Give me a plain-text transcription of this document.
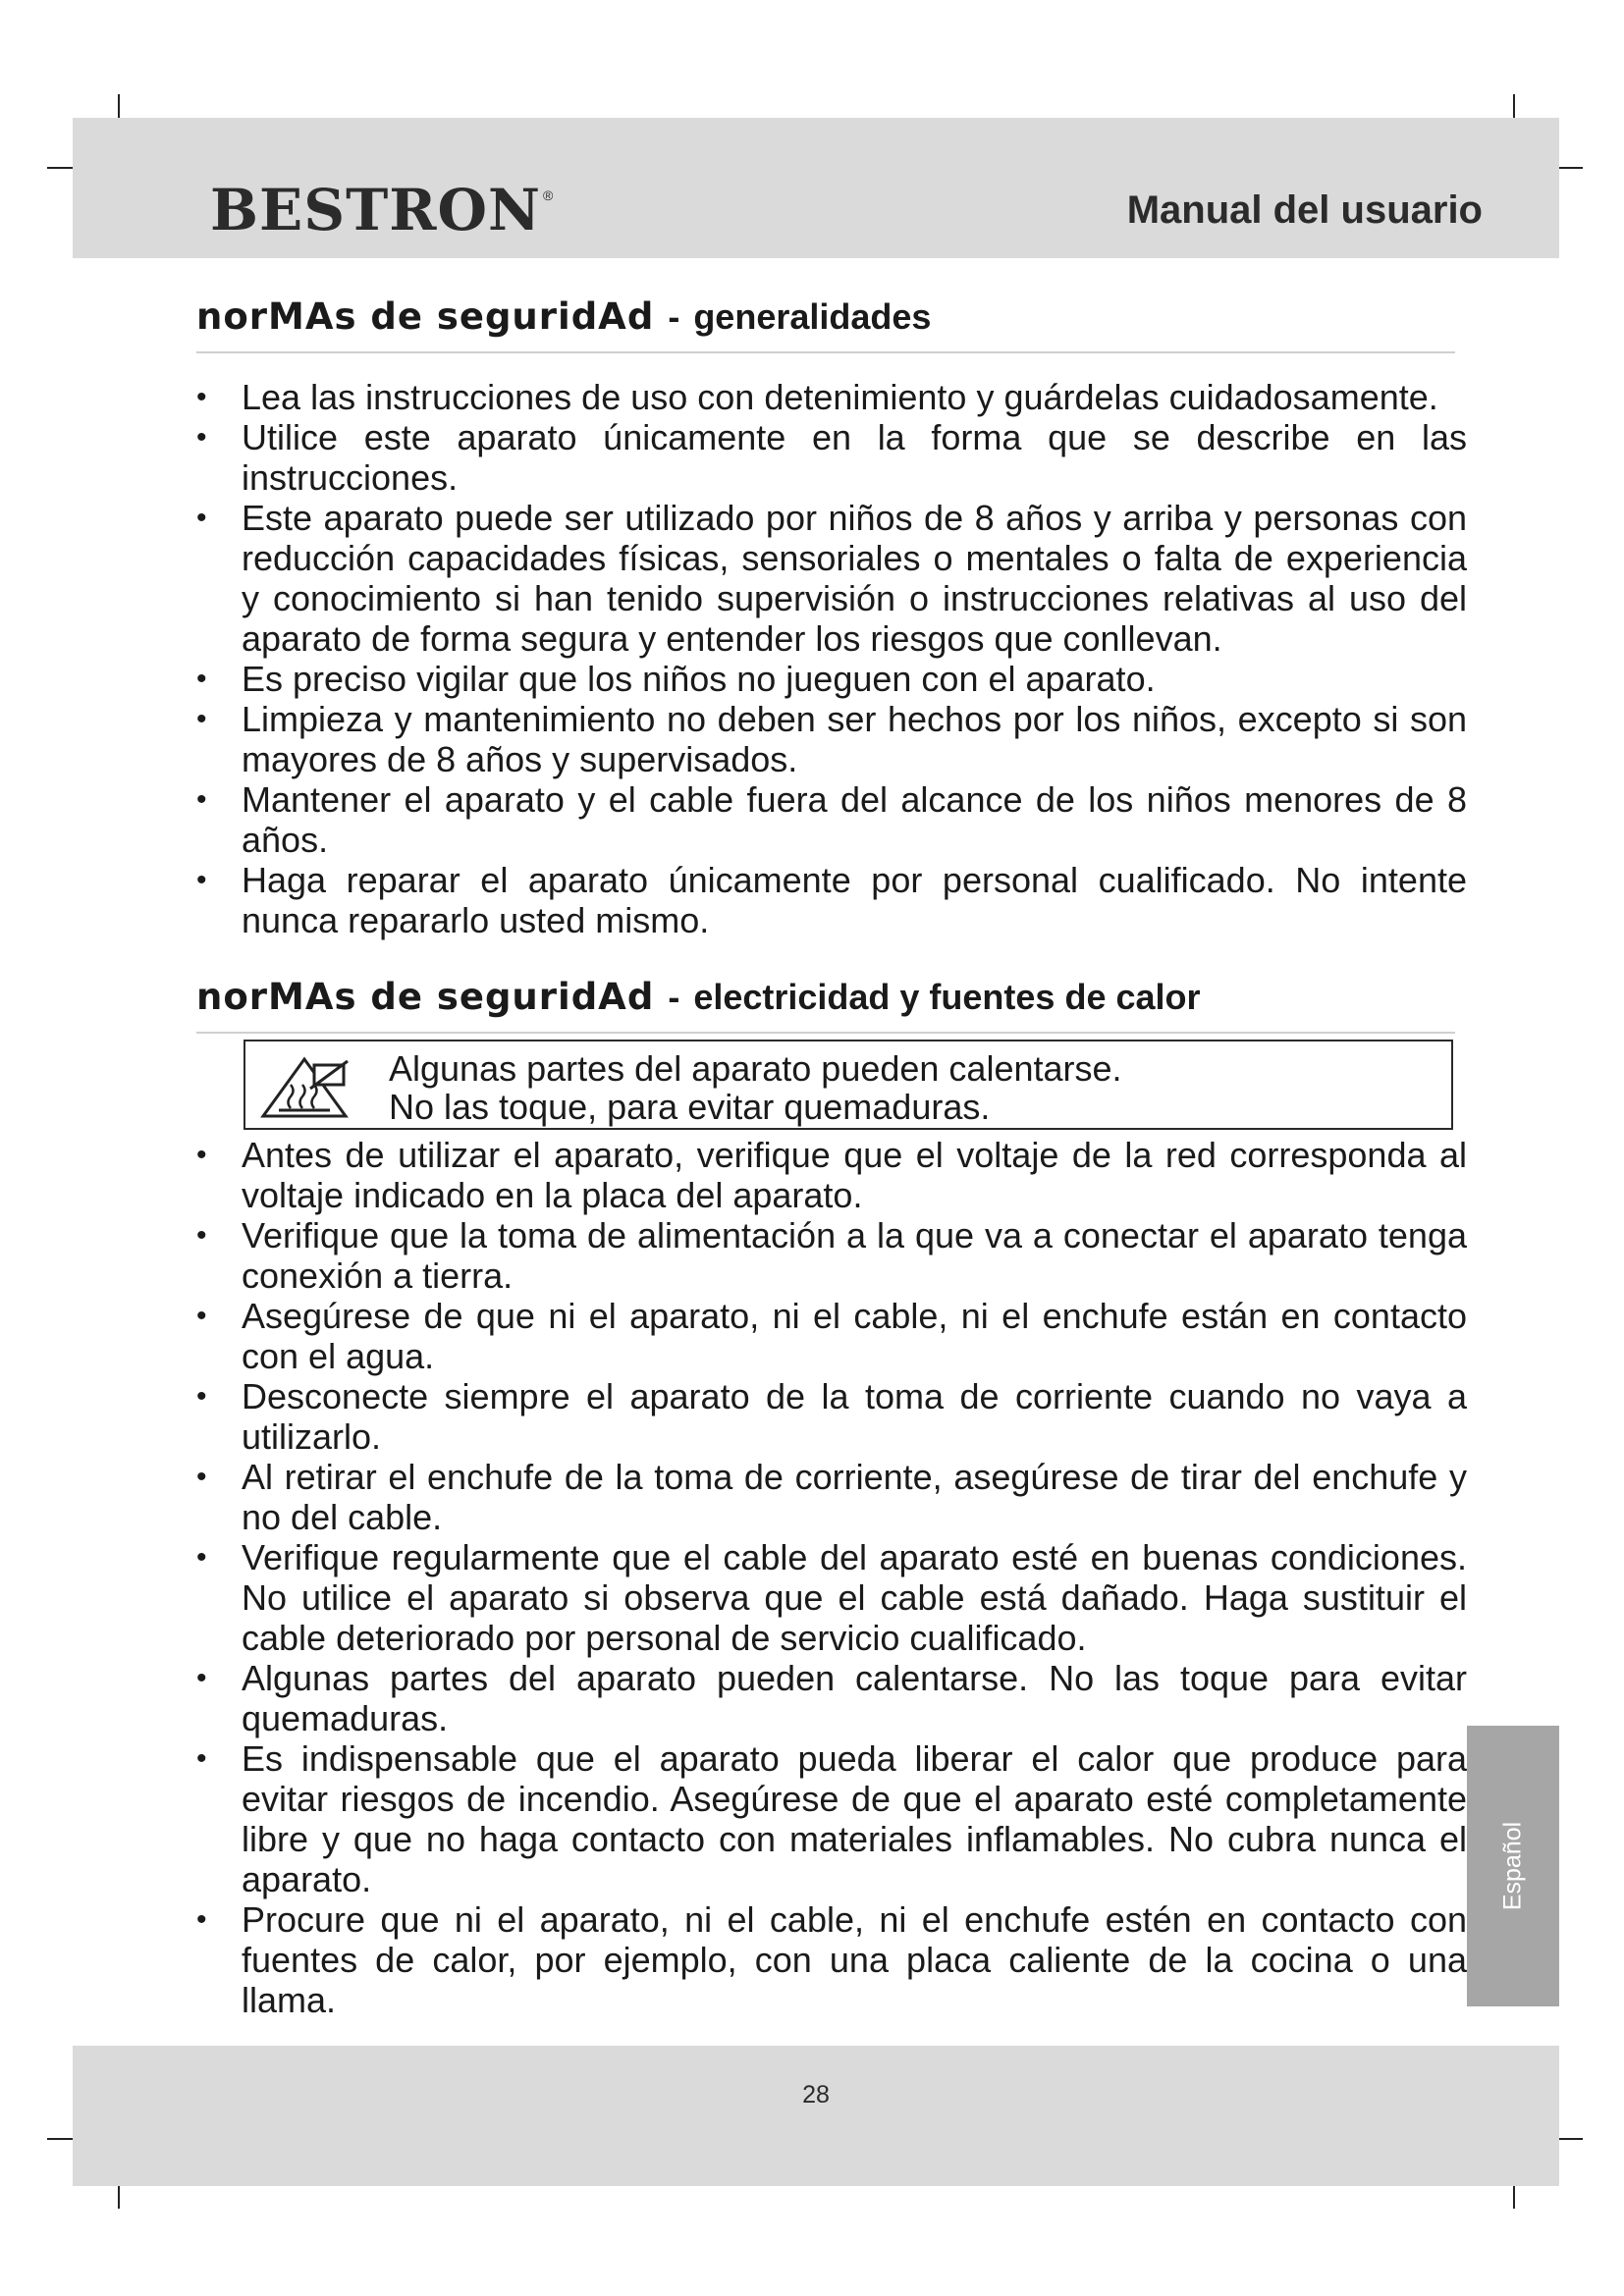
BESTRON ®	Manual del usuario
norMAs de seguridAd - generalidades
• Lea las instrucciones de uso con detenimiento y guárdelas cuidadosamente.
• Utilice este aparato únicamente en la forma que se describe en las instrucciones.
• Este aparato puede ser utilizado por niños de 8 años y arriba y personas con reducción capacidades físicas, sensoriales o mentales o falta de experiencia y conocimiento si han tenido supervisión o instrucciones relativas al uso del aparato de forma segura y entender los riesgos que conllevan.
• Es preciso vigilar que los niños no jueguen con el aparato.
• Limpieza y mantenimiento no deben ser hechos por los niños, excepto si son mayores de 8 años y supervisados.
• Mantener el aparato y el cable fuera del alcance de los niños menores de 8 años.
• Haga reparar el aparato únicamente por personal cualificado. No intente nunca repararlo usted mismo.
norMAs de seguridAd - electricidad y fuentes de calor
Algunas partes del aparato pueden calentarse.
No las toque, para evitar quemaduras.
• Antes de utilizar el aparato, verifique que el voltaje de la red corresponda al voltaje indicado en la placa del aparato.
• Verifique que la toma de alimentación a la que va a conectar el aparato tenga conexión a tierra.
• Asegúrese de que ni el aparato, ni el cable, ni el enchufe están en contacto con el agua.
• Desconecte siempre el aparato de la toma de corriente cuando no vaya a utilizarlo.
• Al retirar el enchufe de la toma de corriente, asegúrese de tirar del enchufe y no del cable.
• Verifique regularmente que el cable del aparato esté en buenas condiciones. No utilice el aparato si observa que el cable está dañado. Haga sustituir el cable deteriorado por personal de servicio cualificado.
• Algunas partes del aparato pueden calentarse. No las toque para evitar quemaduras.
• Es indispensable que el aparato pueda liberar el calor que produce para evitar riesgos de incendio. Asegúrese de que el aparato esté completamente libre y que no haga contacto con materiales inflamables. No cubra nunca el aparato.
• Procure que ni el aparato, ni el cable, ni el enchufe estén en contacto con fuentes de calor, por ejemplo, con una placa caliente de la cocina o una llama.
Español
28
